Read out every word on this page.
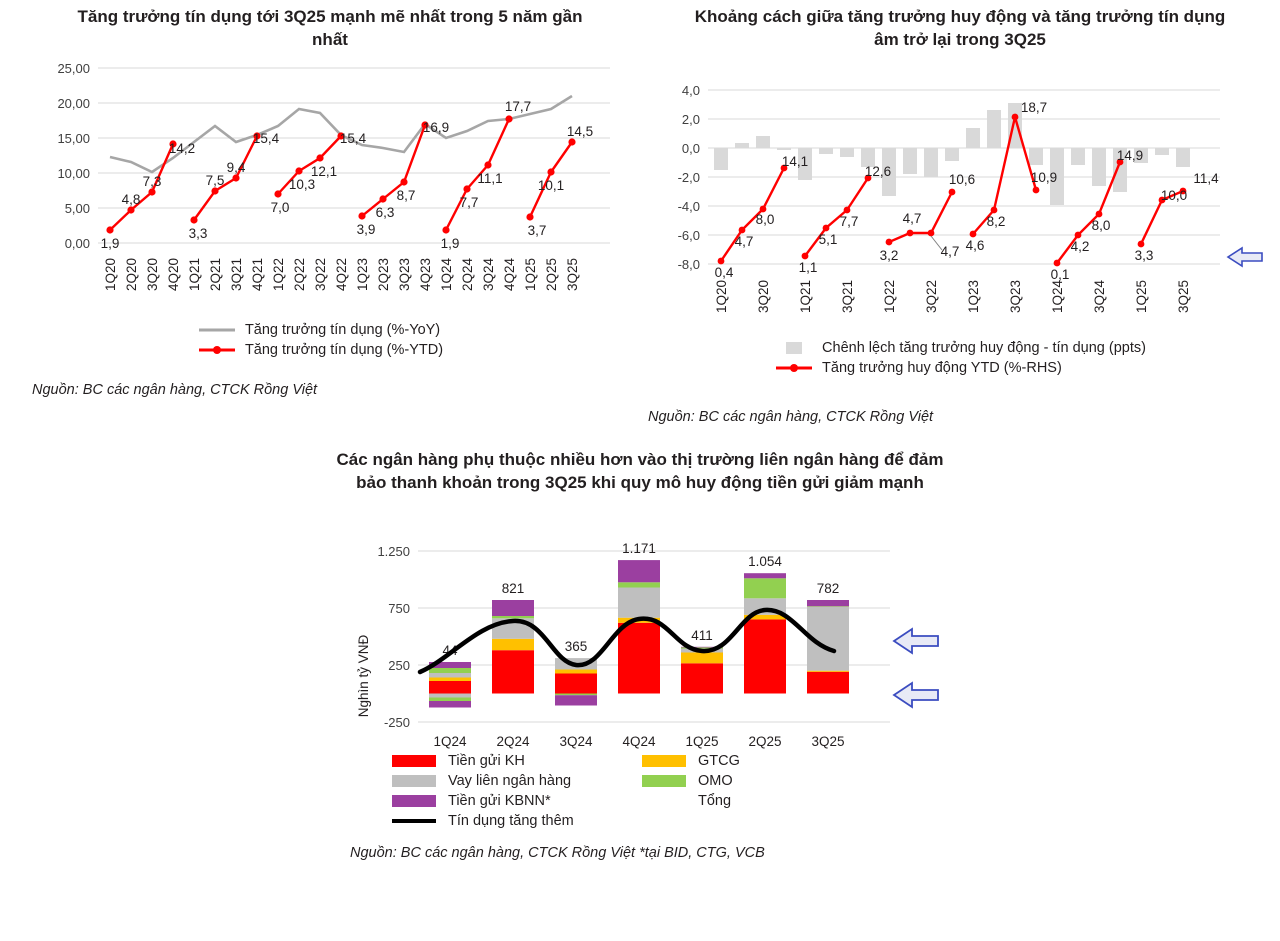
Tăng trưởng tín dụng tới 3Q25 mạnh mẽ nhất trong 5 năm gần nhất
25,00
20,00
15,00
10,00
5,00
0,00 1,9
4,8
7,3
14,2
3,3
7,5
9,4
15,4
7,0
10,3
12,1
15,4
3,9
6,3
8,7
16,9
1,9
7,7
11,1
17,7
3,7
10,1
14,5
1Q20 2Q20 3Q20 4Q20 1Q21 2Q21 3Q21 4Q21 1Q22 2Q22 3Q22 4Q22 1Q23 2Q23 3Q23 4Q23 1Q24 2Q24 3Q24 4Q24 1Q25 2Q25 3Q25
Tăng trưởng tín dụng (%-YoY)
Tăng trưởng tín dụng (%-YTD)
Nguồn: BC các ngân hàng, CTCK Rồng Việt
Khoảng cách giữa tăng trưởng huy động và tăng trưởng tín dụng âm trở lại trong 3Q25
4,0
2,0
0,0
-2,0
-4,0
-6,0
-8,0
0,4
4,7
8,0
14,1
1,1
5,1
7,7
12,6
3,2
4,7
4,7
10,6
4,6
8,2
18,7
10,9
0,1
4,2
8,0
14,9
3,3
10,0
11,4
1Q20 3Q20 1Q21 3Q21 1Q22 3Q22 1Q23 3Q23 1Q24 3Q24 1Q25 3Q25
Chênh lệch tăng trưởng huy động - tín dụng (ppts)
Tăng trưởng huy động YTD (%-RHS)
Nguồn: BC các ngân hàng, CTCK Rồng Việt
Các ngân hàng phụ thuộc nhiều hơn vào thị trường liên ngân hàng để đảm bảo thanh khoản trong 3Q25 khi quy mô huy động tiền gửi giảm mạnh
Nghìn tỷ VNĐ
1.250
750
250
-250
44
821
365
1.171
411
1.054
782
1Q24 2Q24 3Q24 4Q24 1Q25 2Q25 3Q25
Tiền gửi KH	GTCG
Vay liên ngân hàng	OMO
Tiền gửi KBNN*	Tổng
Tín dụng tăng thêm
Nguồn: BC các ngân hàng, CTCK Rồng Việt *tại BID, CTG, VCB
